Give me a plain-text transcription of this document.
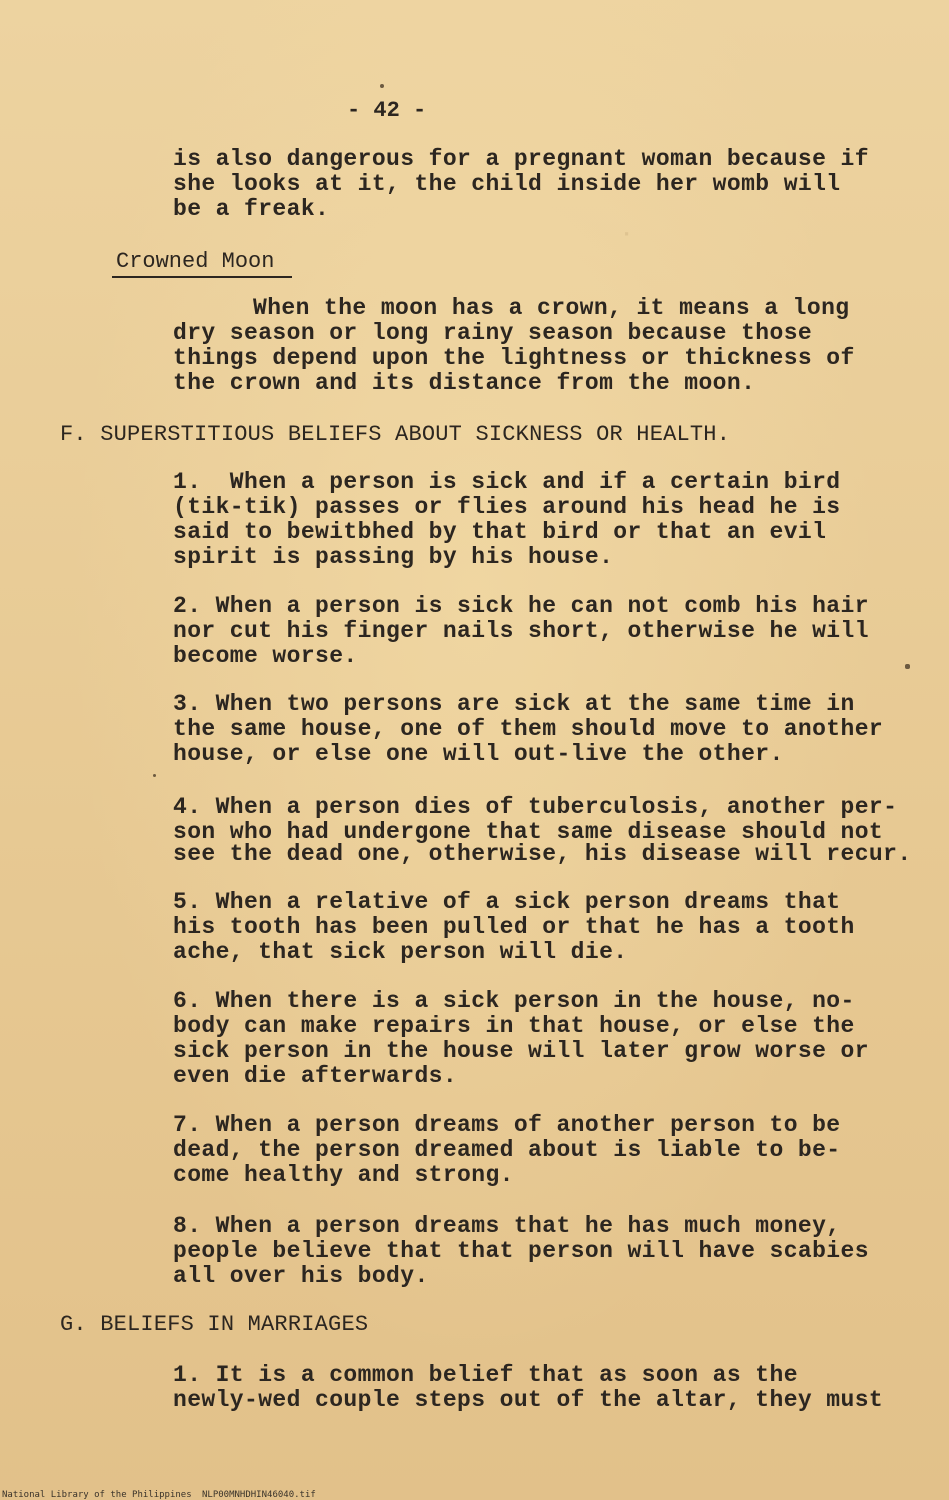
·
- 42 -
is also dangerous for a pregnant woman because if
she looks at it, the child inside her womb will
be a freak.
Crowned Moon
When the moon has a crown, it means a long
dry season or long rainy season because those
things depend upon the lightness or thickness of
the crown and its distance from the moon.
F. SUPERSTITIOUS BELIEFS ABOUT SICKNESS OR HEALTH.
1.  When a person is sick and if a certain bird
(tik-tik) passes or flies around his head he is
said to bewitbhed by that bird or that an evil
spirit is passing by his house.
2. When a person is sick he can not comb his hair
nor cut his finger nails short, otherwise he will
become worse.
3. When two persons are sick at the same time in
the same house, one of them should move to another
house, or else one will out-live the other.
4. When a person dies of tuberculosis, another per-
son who had undergone that same disease should not
see the dead one, otherwise, his disease will recur.
5. When a relative of a sick person dreams that
his tooth has been pulled or that he has a tooth
ache, that sick person will die.
6. When there is a sick person in the house, no-
body can make repairs in that house, or else the
sick person in the house will later grow worse or
even die afterwards.
7. When a person dreams of another person to be
dead, the person dreamed about is liable to be-
come healthy and strong.
8. When a person dreams that he has much money,
people believe that that person will have scabies
all over his body.
G. BELIEFS IN MARRIAGES
1. It is a common belief that as soon as the
newly-wed couple steps out of the altar, they must
National Library of the Philippines NLP00MNHDHIN46040.tif
